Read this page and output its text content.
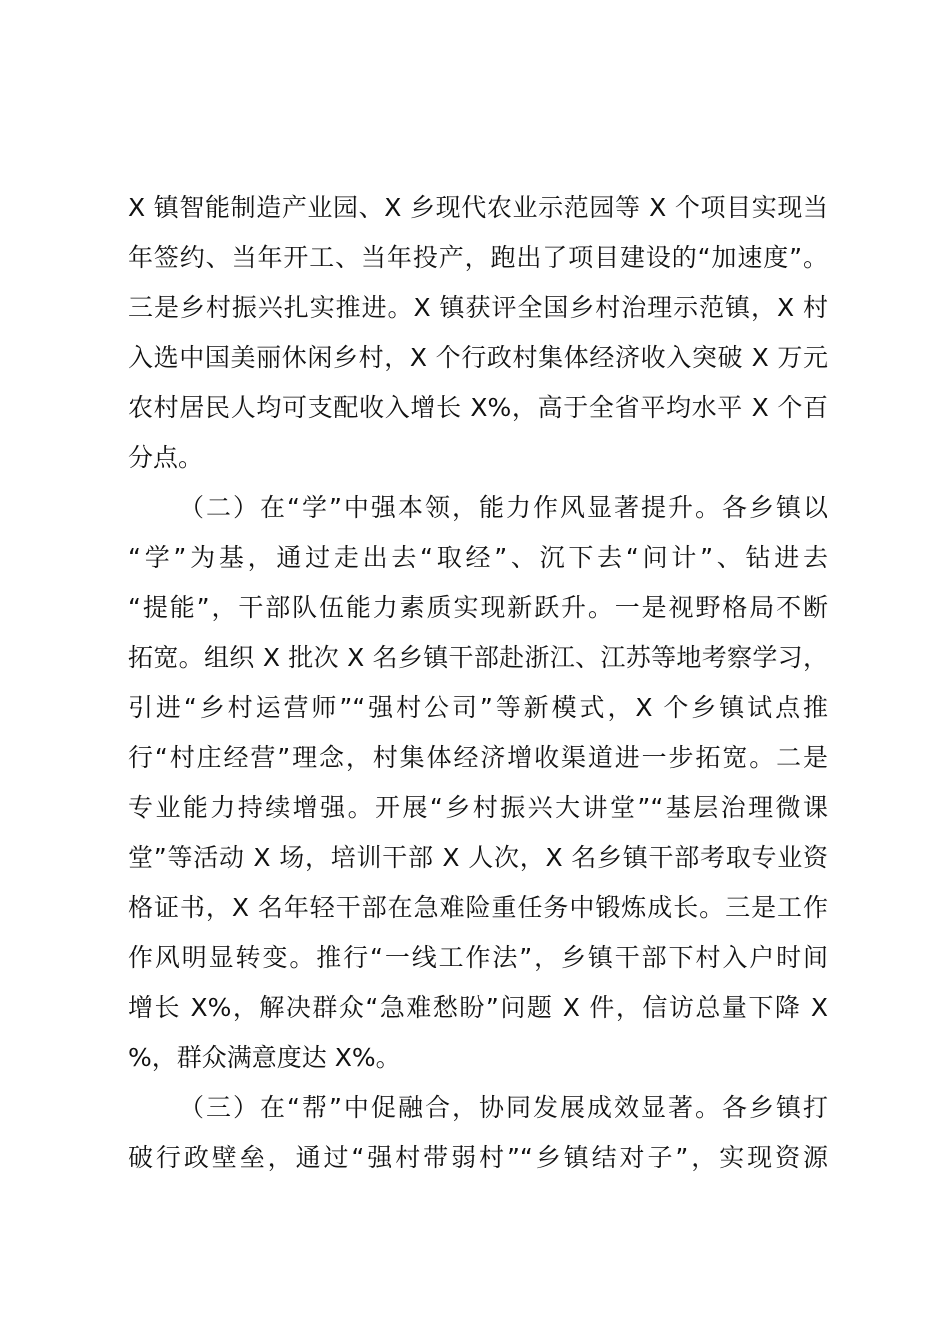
X 镇智能制造产业园、X 乡现代农业示范园等 X 个项目实现当
年签约、当年开工、当年投产，跑出了项目建设的“加速度”。
三是乡村振兴扎实推进。X 镇获评全国乡村治理示范镇，X 村
入选中国美丽休闲乡村，X 个行政村集体经济收入突破 X 万元
农村居民人均可支配收入增长 X%，高于全省平均水平 X 个百
分点。
（二）在“学”中强本领，能力作风显著提升。各乡镇以
“学”为基，通过走出去“取经”、沉下去“问计”、钻进去
“提能”，干部队伍能力素质实现新跃升。一是视野格局不断
拓宽。组织 X 批次 X 名乡镇干部赴浙江、江苏等地考察学习，
引进“乡村运营师”“强村公司”等新模式，X 个乡镇试点推
行“村庄经营”理念，村集体经济增收渠道进一步拓宽。二是
专业能力持续增强。开展“乡村振兴大讲堂”“基层治理微课
堂”等活动 X 场，培训干部 X 人次，X 名乡镇干部考取专业资
格证书，X 名年轻干部在急难险重任务中锻炼成长。三是工作
作风明显转变。推行“一线工作法”，乡镇干部下村入户时间
增长 X%，解决群众“急难愁盼”问题 X 件，信访总量下降 X
%，群众满意度达 X%。
（三）在“帮”中促融合，协同发展成效显著。各乡镇打
破行政壁垒，通过“强村带弱村”“乡镇结对子”，实现资源
